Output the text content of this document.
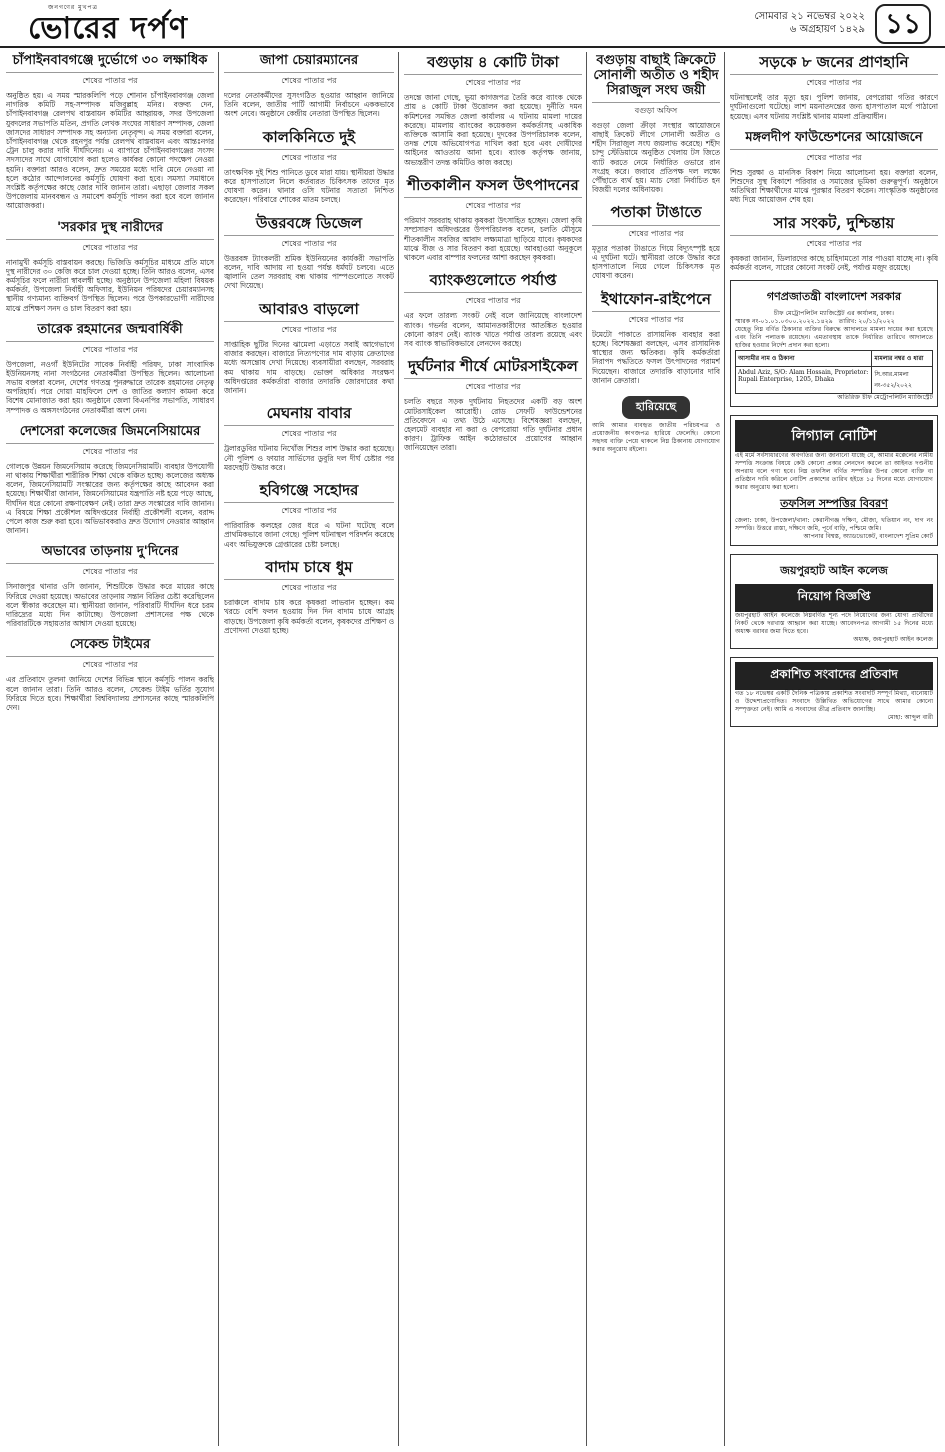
জনগণের মুখপত্র
ভোরের দর্পণ	সোমবার ২১ নভেম্বর ২০২২
৬ অগ্রহায়ণ ১৪২৯ ১১
চাঁপাইনবাবগঞ্জে দুর্ভোগে ৩০ লক্ষাধিক
শেষের পাতার পর
অনুষ্ঠিত হয়। এ সময় স্মারকলিপি পড়ে শোনান চাঁপাইনবাবগঞ্জ জেলা নাগরিক কমিটি সহ-সম্পাদক মজিবুল্লাহ মনির। বক্তব্য দেন, চাঁপাইনবাবগঞ্জ রেলপথ বাস্তবায়ন কমিটির আহ্বায়ক, সদর উপজেলা যুবদলের সভাপতি মতিন, প্রগতি লেখক সংঘের সাধারণ সম্পাদক, জেলা জাসদের সাধারণ সম্পাদক সহ অন্যান্য নেতৃবৃন্দ। এ সময় বক্তারা বলেন, চাঁপাইনবাবগঞ্জ থেকে রহনপুর পর্যন্ত রেলপথ বাস্তবায়ন এবং আন্তঃনগর ট্রেন চালু করার দাবি দীর্ঘদিনের। এ ব্যাপারে চাঁপাইনবাবগঞ্জের সংসদ সদস্যদের সাথে যোগাযোগ করা হলেও কার্যকর কোনো পদক্ষেপ নেওয়া হয়নি। বক্তারা আরও বলেন, দ্রুত সময়ের মধ্যে দাবি মেনে নেওয়া না হলে কঠোর আন্দোলনের কর্মসূচি ঘোষণা করা হবে। সমস্যা সমাধানে সংশ্লিষ্ট কর্তৃপক্ষের কাছে জোর দাবি জানান তারা। এছাড়া জেলার সকল উপজেলায় মানববন্ধন ও সমাবেশ কর্মসূচি পালন করা হবে বলে জানান আয়োজকরা।
'সরকার দুস্থ নারীদের
শেষের পাতার পর
নানামুখী কর্মসূচি বাস্তবায়ন করছে। ভিজিডি কর্মসূচির মাধ্যমে প্রতি মাসে দুস্থ নারীদের ৩০ কেজি করে চাল দেওয়া হচ্ছে। তিনি আরও বলেন, এসব কর্মসূচির ফলে নারীরা স্বাবলম্বী হচ্ছে। অনুষ্ঠানে উপজেলা মহিলা বিষয়ক কর্মকর্তা, উপজেলা নির্বাহী অফিসার, ইউনিয়ন পরিষদের চেয়ারম্যানসহ স্থানীয় গণ্যমান্য ব্যক্তিবর্গ উপস্থিত ছিলেন। পরে উপকারভোগী নারীদের মাঝে প্রশিক্ষণ সনদ ও চাল বিতরণ করা হয়।
তারেক রহমানের জন্মবার্ষিকী
শেষের পাতার পর
উপজেলা, নওগাঁ ইউনিটের সাবেক নির্বাহী পরিষদ, ঢাকা সাংবাদিক ইউনিয়নসহ নানা সংগঠনের নেতাকর্মীরা উপস্থিত ছিলেন। আলোচনা সভায় বক্তারা বলেন, দেশের গণতন্ত্র পুনরুদ্ধারে তারেক রহমানের নেতৃত্ব অপরিহার্য। পরে দোয়া মাহফিলে দেশ ও জাতির কল্যাণ কামনা করে বিশেষ মোনাজাত করা হয়। অনুষ্ঠানে জেলা বিএনপির সভাপতি, সাধারণ সম্পাদক ও অঙ্গসংগঠনের নেতাকর্মীরা অংশ নেন।
দেশসেরা কলেজের জিমনেসিয়ামের
শেষের পাতার পর
গোলকে উন্নয়ন জিমনেসিয়াম করেছে জিমনেসিয়ামটি। ব্যবহার উপযোগী না থাকায় শিক্ষার্থীরা শারীরিক শিক্ষা থেকে বঞ্চিত হচ্ছে। কলেজের অধ্যক্ষ বলেন, জিমনেসিয়ামটি সংস্কারের জন্য কর্তৃপক্ষের কাছে আবেদন করা হয়েছে। শিক্ষার্থীরা জানান, জিমনেসিয়ামের যন্ত্রপাতি নষ্ট হয়ে পড়ে আছে, দীর্ঘদিন ধরে কোনো রক্ষণাবেক্ষণ নেই। তারা দ্রুত সংস্কারের দাবি জানান। এ বিষয়ে শিক্ষা প্রকৌশল অধিদপ্তরের নির্বাহী প্রকৌশলী বলেন, বরাদ্দ পেলে কাজ শুরু করা হবে। অভিভাবকরাও দ্রুত উদ্যোগ নেওয়ার আহ্বান জানান।
অভাবের তাড়নায় দু'দিনের
শেষের পাতার পর
সিনাজপুর থানার ওসি জানান, শিশুটিকে উদ্ধার করে মায়ের কাছে ফিরিয়ে দেওয়া হয়েছে। অভাবের তাড়নায় সন্তান বিক্রির চেষ্টা করেছিলেন বলে স্বীকার করেছেন মা। স্থানীয়রা জানান, পরিবারটি দীর্ঘদিন ধরে চরম দারিদ্র্যের মধ্যে দিন কাটাচ্ছে। উপজেলা প্রশাসনের পক্ষ থেকে পরিবারটিকে সহায়তার আশ্বাস দেওয়া হয়েছে।
সেকেন্ড টাইমের
শেষের পাতার পর
এর প্রতিবাদে তুলনা জানিয়ে দেশের বিভিন্ন স্থানে কর্মসূচি পালন করছি বলে জানান তারা। তিনি আরও বলেন, সেকেন্ড টাইম ভর্তির সুযোগ ফিরিয়ে দিতে হবে। শিক্ষার্থীরা বিশ্ববিদ্যালয় প্রশাসনের কাছে স্মারকলিপি দেন।
জাপা চেয়ারম্যানের
শেষের পাতার পর
দলের নেতাকর্মীদের সুসংগঠিত হওয়ার আহ্বান জানিয়ে তিনি বলেন, জাতীয় পার্টি আগামী নির্বাচনে এককভাবে অংশ নেবে। অনুষ্ঠানে কেন্দ্রীয় নেতারা উপস্থিত ছিলেন।
কালকিনিতে দুই
শেষের পাতার পর
তাৎক্ষণিক দুই শিশু পানিতে ডুবে মারা যায়। স্থানীয়রা উদ্ধার করে হাসপাতালে নিলে কর্তব্যরত চিকিৎসক তাদের মৃত ঘোষণা করেন। থানার ওসি ঘটনার সত্যতা নিশ্চিত করেছেন। পরিবারে শোকের মাতম চলছে।
উত্তরবঙ্গে ডিজেল
শেষের পাতার পর
উত্তরবঙ্গ ট্যাংকলরী শ্রমিক ইউনিয়নের কার্যকরী সভাপতি বলেন, দাবি আদায় না হওয়া পর্যন্ত ধর্মঘট চলবে। এতে জ্বালানি তেল সরবরাহ বন্ধ থাকায় পাম্পগুলোতে সংকট দেখা দিয়েছে।
আবারও বাড়লো
শেষের পাতার পর
সাপ্তাহিক ছুটির দিনের ঝামেলা এড়াতে সবাই আগেভাগে বাজার করছেন। বাজারে নিত্যপণ্যের দাম বাড়ায় ক্রেতাদের মধ্যে অসন্তোষ দেখা দিয়েছে। ব্যবসায়ীরা বলছেন, সরবরাহ কম থাকায় দাম বাড়ছে। ভোক্তা অধিকার সংরক্ষণ অধিদপ্তরের কর্মকর্তারা বাজার তদারকি জোরদারের কথা জানান।
মেঘনায় বাবার
শেষের পাতার পর
ট্রলারডুবির ঘটনায় নিখোঁজ শিশুর লাশ উদ্ধার করা হয়েছে। নৌ পুলিশ ও ফায়ার সার্ভিসের ডুবুরি দল দীর্ঘ চেষ্টার পর মরদেহটি উদ্ধার করে।
হবিগঞ্জে সহোদর
শেষের পাতার পর
পারিবারিক কলহের জের ধরে এ ঘটনা ঘটেছে বলে প্রাথমিকভাবে জানা গেছে। পুলিশ ঘটনাস্থল পরিদর্শন করেছে এবং অভিযুক্তকে গ্রেপ্তারের চেষ্টা চলছে।
বাদাম চাষে ধুম
শেষের পাতার পর
চরাঞ্চলে বাদাম চাষ করে কৃষকরা লাভবান হচ্ছেন। কম খরচে বেশি ফলন হওয়ায় দিন দিন বাদাম চাষে আগ্রহ বাড়ছে। উপজেলা কৃষি কর্মকর্তা বলেন, কৃষকদের প্রশিক্ষণ ও প্রণোদনা দেওয়া হচ্ছে।
বগুড়ায় ৪ কোটি টাকা
শেষের পাতার পর
তদন্তে জানা গেছে, ভুয়া কাগজপত্র তৈরি করে ব্যাংক থেকে প্রায় ৪ কোটি টাকা উত্তোলন করা হয়েছে। দুর্নীতি দমন কমিশনের সমন্বিত জেলা কার্যালয় এ ঘটনায় মামলা দায়ের করেছে। মামলায় ব্যাংকের কয়েকজন কর্মকর্তাসহ একাধিক ব্যক্তিকে আসামি করা হয়েছে। দুদকের উপপরিচালক বলেন, তদন্ত শেষে অভিযোগপত্র দাখিল করা হবে এবং দোষীদের আইনের আওতায় আনা হবে। ব্যাংক কর্তৃপক্ষ জানায়, অভ্যন্তরীণ তদন্ত কমিটিও কাজ করছে।
শীতকালীন ফসল উৎপাদনের
শেষের পাতার পর
পরিমাণ সরবরাহ থাকায় কৃষকরা উৎসাহিত হচ্ছেন। জেলা কৃষি সম্প্রসারণ অধিদপ্তরের উপপরিচালক বলেন, চলতি মৌসুমে শীতকালীন সবজির আবাদ লক্ষ্যমাত্রা ছাড়িয়ে যাবে। কৃষকদের মাঝে বীজ ও সার বিতরণ করা হয়েছে। আবহাওয়া অনুকূলে থাকলে এবার বাম্পার ফলনের আশা করছেন কৃষকরা।
ব্যাংকগুলোতে পর্যাপ্ত
শেষের পাতার পর
এর ফলে তারল্য সংকট নেই বলে জানিয়েছে বাংলাদেশ ব্যাংক। গভর্নর বলেন, আমানতকারীদের আতঙ্কিত হওয়ার কোনো কারণ নেই। ব্যাংক খাতে পর্যাপ্ত তারল্য রয়েছে এবং সব ব্যাংক স্বাভাবিকভাবে লেনদেন করছে।
দুর্ঘটনার শীর্ষে মোটরসাইকেল
শেষের পাতার পর
চলতি বছরে সড়ক দুর্ঘটনায় নিহতদের একটি বড় অংশ মোটরসাইকেল আরোহী। রোড সেফটি ফাউন্ডেশনের প্রতিবেদনে এ তথ্য উঠে এসেছে। বিশেষজ্ঞরা বলছেন, হেলমেট ব্যবহার না করা ও বেপরোয়া গতি দুর্ঘটনার প্রধান কারণ। ট্রাফিক আইন কঠোরভাবে প্রয়োগের আহ্বান জানিয়েছেন তারা।
বগুড়ায় বাছাই ক্রিকেটে সোনালী অতীত ও শহীদ সিরাজুল সংঘ জয়ী
বগুড়া অফিস
বগুড়া জেলা ক্রীড়া সংস্থার আয়োজনে বাছাই ক্রিকেট লীগে সোনালী অতীত ও শহীদ সিরাজুল সংঘ জয়লাভ করেছে। শহীদ চান্দু স্টেডিয়ামে অনুষ্ঠিত খেলায় টস জিতে ব্যাট করতে নেমে নির্ধারিত ওভারে রান সংগ্রহ করে। জবাবে প্রতিপক্ষ দল লক্ষ্যে পৌঁছাতে ব্যর্থ হয়। ম্যাচ সেরা নির্বাচিত হন বিজয়ী দলের অধিনায়ক।
পতাকা টাঙাতে
শেষের পাতার পর
মৃত্যুর পতাকা টাঙাতে গিয়ে বিদ্যুৎস্পৃষ্ট হয়ে এ দুর্ঘটনা ঘটে। স্থানীয়রা তাকে উদ্ধার করে হাসপাতালে নিয়ে গেলে চিকিৎসক মৃত ঘোষণা করেন।
ইথাফোন-রাইপেনে
শেষের পাতার পর
টমেটো পাকাতে রাসায়নিক ব্যবহার করা হচ্ছে। বিশেষজ্ঞরা বলছেন, এসব রাসায়নিক স্বাস্থ্যের জন্য ক্ষতিকর। কৃষি কর্মকর্তারা নিরাপদ পদ্ধতিতে ফসল উৎপাদনের পরামর্শ দিয়েছেন। বাজারে তদারকি বাড়ানোর দাবি জানান ক্রেতারা।
হারিয়েছে
আমি আমার ব্যবহৃত জাতীয় পরিচয়পত্র ও প্রয়োজনীয় কাগজপত্র হারিয়ে ফেলেছি। কোনো সহৃদয় ব্যক্তি পেয়ে থাকলে নিম্ন ঠিকানায় যোগাযোগ করার অনুরোধ রইলো।
সড়কে ৮ জনের প্রাণহানি
শেষের পাতার পর
ঘটনাস্থলেই তার মৃত্যু হয়। পুলিশ জানায়, বেপরোয়া গতির কারণে দুর্ঘটনাগুলো ঘটেছে। লাশ ময়নাতদন্তের জন্য হাসপাতাল মর্গে পাঠানো হয়েছে। এসব ঘটনায় সংশ্লিষ্ট থানায় মামলা প্রক্রিয়াধীন।
মঙ্গলদীপ ফাউন্ডেশনের আয়োজনে
শেষের পাতার পর
শিশু সুরক্ষা ও মানসিক বিকাশ নিয়ে আলোচনা হয়। বক্তারা বলেন, শিশুদের সুস্থ বিকাশে পরিবার ও সমাজের ভূমিকা গুরুত্বপূর্ণ। অনুষ্ঠানে অতিথিরা শিক্ষার্থীদের মাঝে পুরস্কার বিতরণ করেন। সাংস্কৃতিক অনুষ্ঠানের মধ্য দিয়ে আয়োজন শেষ হয়।
সার সংকট, দুশ্চিন্তায়
শেষের পাতার পর
কৃষকরা জানান, ডিলারদের কাছে চাহিদামতো সার পাওয়া যাচ্ছে না। কৃষি কর্মকর্তা বলেন, সারের কোনো সংকট নেই, পর্যাপ্ত মজুদ রয়েছে।
গণপ্রজাতন্ত্রী বাংলাদেশ সরকার
চীফ মেট্রোপলিটন ম্যাজিস্ট্রেট এর কার্যালয়, ঢাকা।
স্মারক নং-০১.০১.০৩০০.২০২২.১৪২৯ তারিখ: ২০/১১/২০২২
যেহেতু নিম্ন বর্ণিত ঠিকানার ব্যক্তির বিরুদ্ধে আদালতে মামলা দায়ের করা হয়েছে এবং তিনি পলাতক রয়েছেন। এমতাবস্থায় তাকে নির্ধারিত তারিখে আদালতে হাজির হওয়ার নির্দেশ প্রদান করা হলো।
আসামীর নাম ও ঠিকানা	মামলার নম্বর ও ধারা
Abdul Aziz, S/O: Alam Hossain, Proprietor: Rupali Enterprise, 1205, Dhaka	সি.আর.মামলা নং-৩৫২/২০২২
অতিরিক্ত চীফ মেট্রোপলিটন ম্যাজিস্ট্রেট
লিগ্যাল নোটিশ
এই মর্মে সর্বসাধারণের অবগতির জন্য জানানো যাচ্ছে যে, আমার মক্কেলের নামীয় সম্পত্তি সংক্রান্ত বিষয়ে কেউ কোনো প্রকার লেনদেন করলে তা আইনত দণ্ডনীয় অপরাধ বলে গণ্য হবে। নিম্ন তফসিল বর্ণিত সম্পত্তির উপর কোনো ব্যক্তি বা প্রতিষ্ঠান দাবি করিলে নোটিশ প্রকাশের তারিখ হইতে ১৫ দিনের মধ্যে যোগাযোগ করার অনুরোধ করা হলো।
তফসিল সম্পত্তির বিবরণ
জেলা: ঢাকা, উপজেলা/থানা: কেরানীগঞ্জ দক্ষিণ, মৌজা, খতিয়ান নং, দাগ নং সম্পত্তি। উত্তরে রাস্তা, দক্ষিণে জমি, পূর্বে বাড়ি, পশ্চিমে জমি।
আপনার বিশ্বস্ত, অ্যাডভোকেট, বাংলাদেশ সুপ্রিম কোর্ট
জয়পুরহাট আইন কলেজ
নিয়োগ বিজ্ঞপ্তি
জয়পুরহাট আইন কলেজে নিম্নবর্ণিত শূন্য পদে নিয়োগের জন্য যোগ্য প্রার্থীদের নিকট থেকে দরখাস্ত আহ্বান করা যাচ্ছে। আবেদনপত্র আগামী ১৫ দিনের মধ্যে অধ্যক্ষ বরাবর জমা দিতে হবে।
অধ্যক্ষ, জয়পুরহাট আইন কলেজ
প্রকাশিত সংবাদের প্রতিবাদ
গত ১৮ নভেম্বর একটি দৈনিক পত্রিকায় প্রকাশিত সংবাদটি সম্পূর্ণ মিথ্যা, বানোয়াট ও উদ্দেশ্যপ্রণোদিত। সংবাদে উল্লিখিত অভিযোগের সাথে আমার কোনো সম্পৃক্ততা নেই। আমি এ সংবাদের তীব্র প্রতিবাদ জানাচ্ছি।
মোহা: আব্দুল বারী
